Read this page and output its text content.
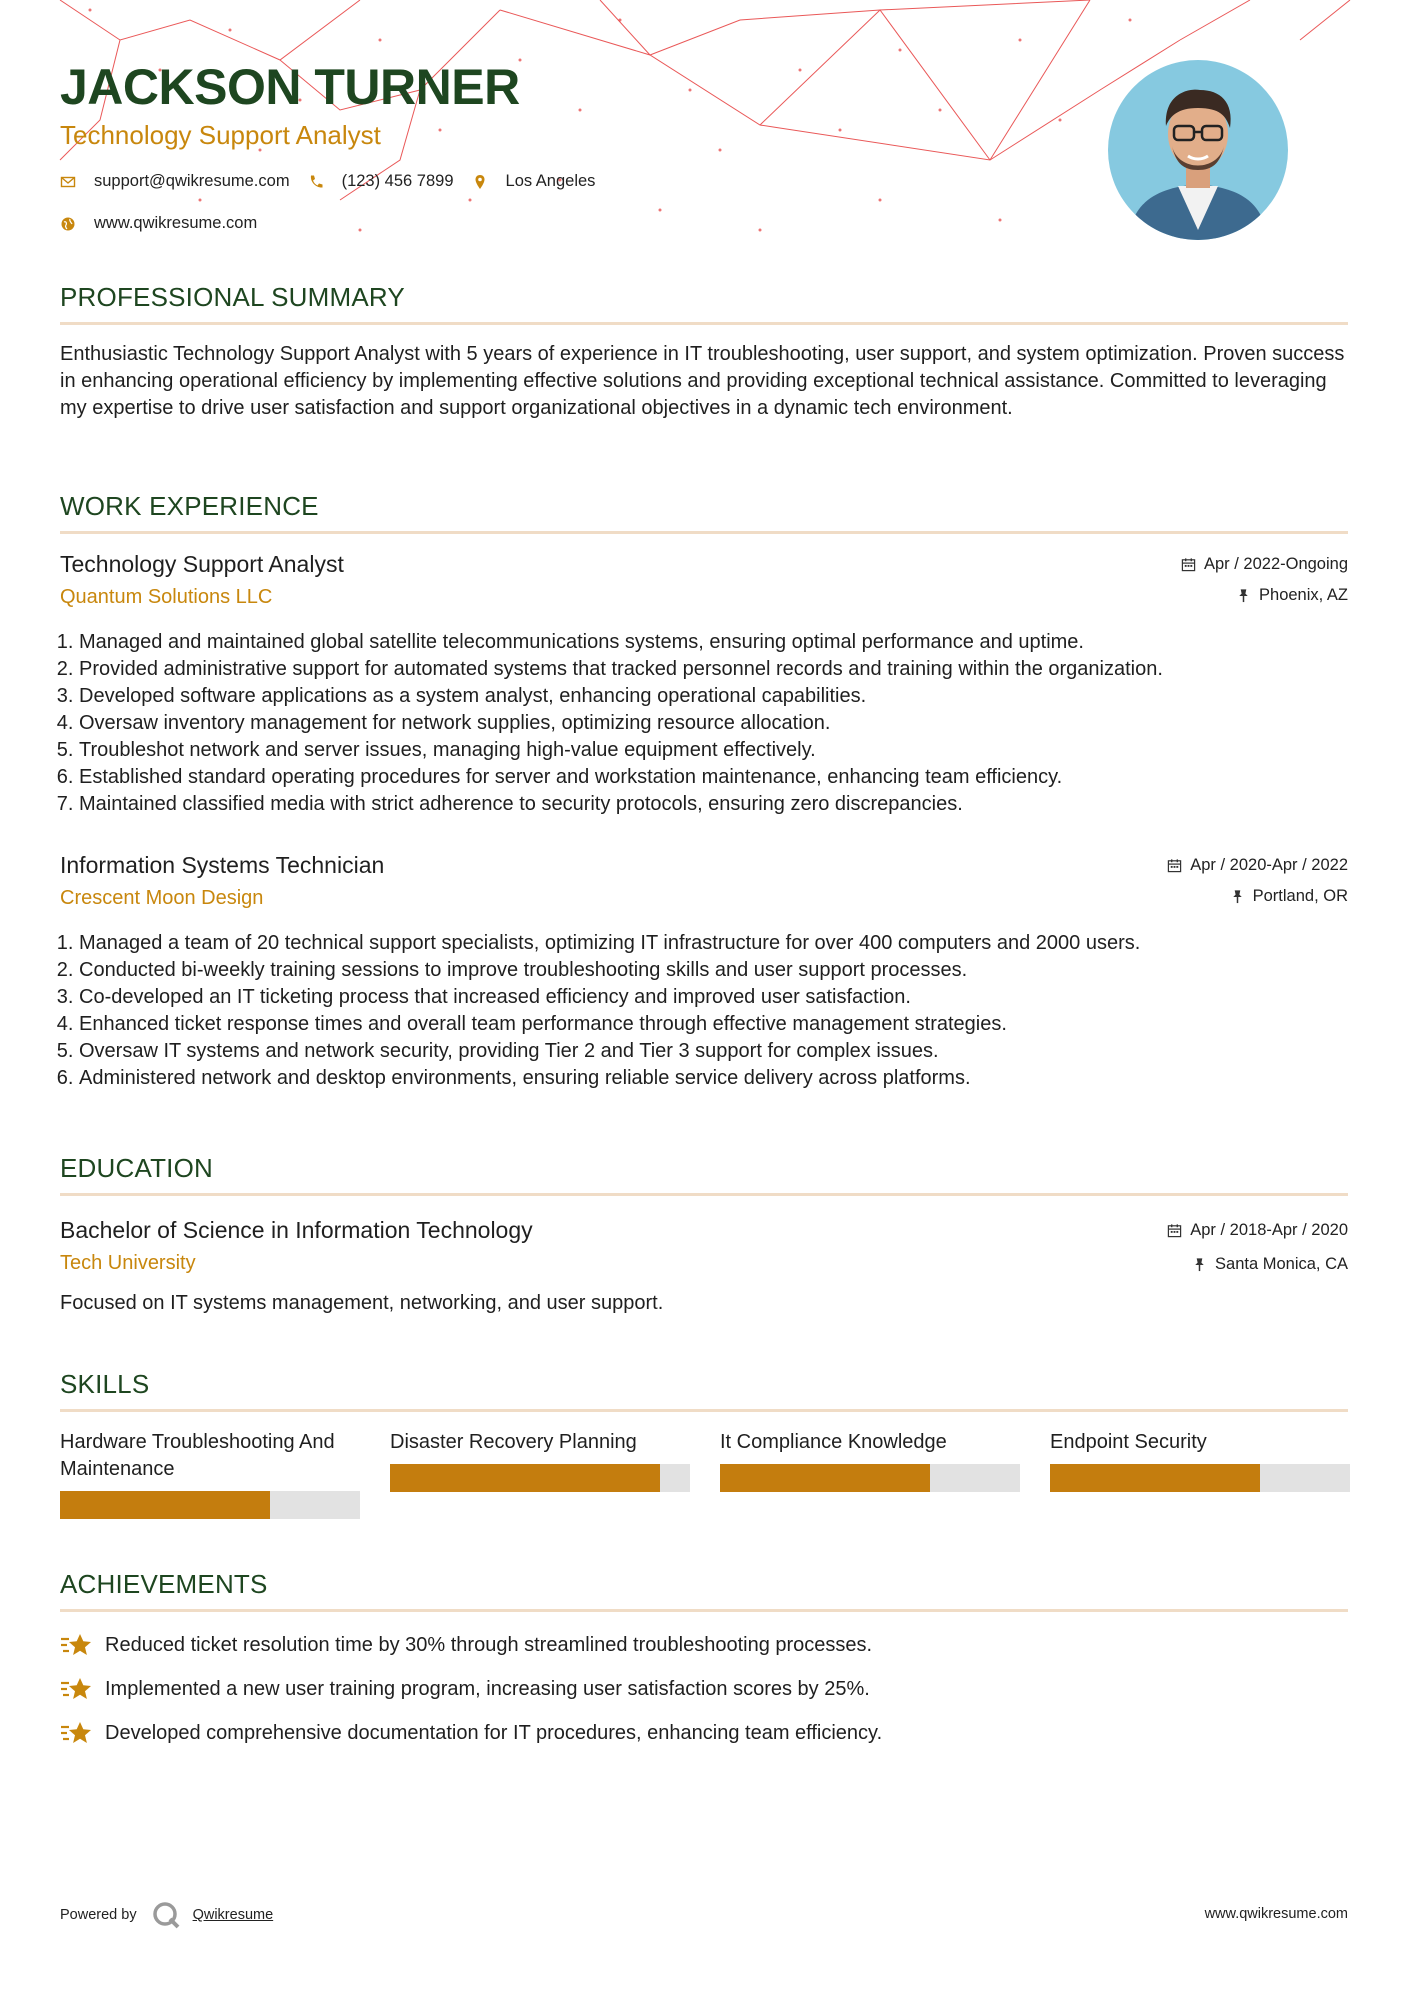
JACKSON TURNER
Technology Support Analyst
support@qwikresume.com	(123) 456 7899	Los Angeles
www.qwikresume.com
PROFESSIONAL SUMMARY
Enthusiastic Technology Support Analyst with 5 years of experience in IT troubleshooting, user support, and system optimization. Proven success in enhancing operational efficiency by implementing effective solutions and providing exceptional technical assistance. Committed to leveraging my expertise to drive user satisfaction and support organizational objectives in a dynamic tech environment.
WORK EXPERIENCE
Technology Support Analyst
Quantum Solutions LLC
Apr / 2022-Ongoing
Phoenix, AZ
1. Managed and maintained global satellite telecommunications systems, ensuring optimal performance and uptime.
2. Provided administrative support for automated systems that tracked personnel records and training within the organization.
3. Developed software applications as a system analyst, enhancing operational capabilities.
4. Oversaw inventory management for network supplies, optimizing resource allocation.
5. Troubleshot network and server issues, managing high-value equipment effectively.
6. Established standard operating procedures for server and workstation maintenance, enhancing team efficiency.
7. Maintained classified media with strict adherence to security protocols, ensuring zero discrepancies.
Information Systems Technician
Crescent Moon Design
Apr / 2020-Apr / 2022
Portland, OR
1. Managed a team of 20 technical support specialists, optimizing IT infrastructure for over 400 computers and 2000 users.
2. Conducted bi-weekly training sessions to improve troubleshooting skills and user support processes.
3. Co-developed an IT ticketing process that increased efficiency and improved user satisfaction.
4. Enhanced ticket response times and overall team performance through effective management strategies.
5. Oversaw IT systems and network security, providing Tier 2 and Tier 3 support for complex issues.
6. Administered network and desktop environments, ensuring reliable service delivery across platforms.
EDUCATION
Bachelor of Science in Information Technology
Tech University
Apr / 2018-Apr / 2020
Santa Monica, CA
Focused on IT systems management, networking, and user support.
SKILLS
Hardware Troubleshooting And Maintenance
Disaster Recovery Planning	It Compliance Knowledge	Endpoint Security
ACHIEVEMENTS
Reduced ticket resolution time by 30% through streamlined troubleshooting processes.
Implemented a new user training program, increasing user satisfaction scores by 25%.
Developed comprehensive documentation for IT procedures, enhancing team efficiency.
Powered by	Qwikresume	www.qwikresume.com
